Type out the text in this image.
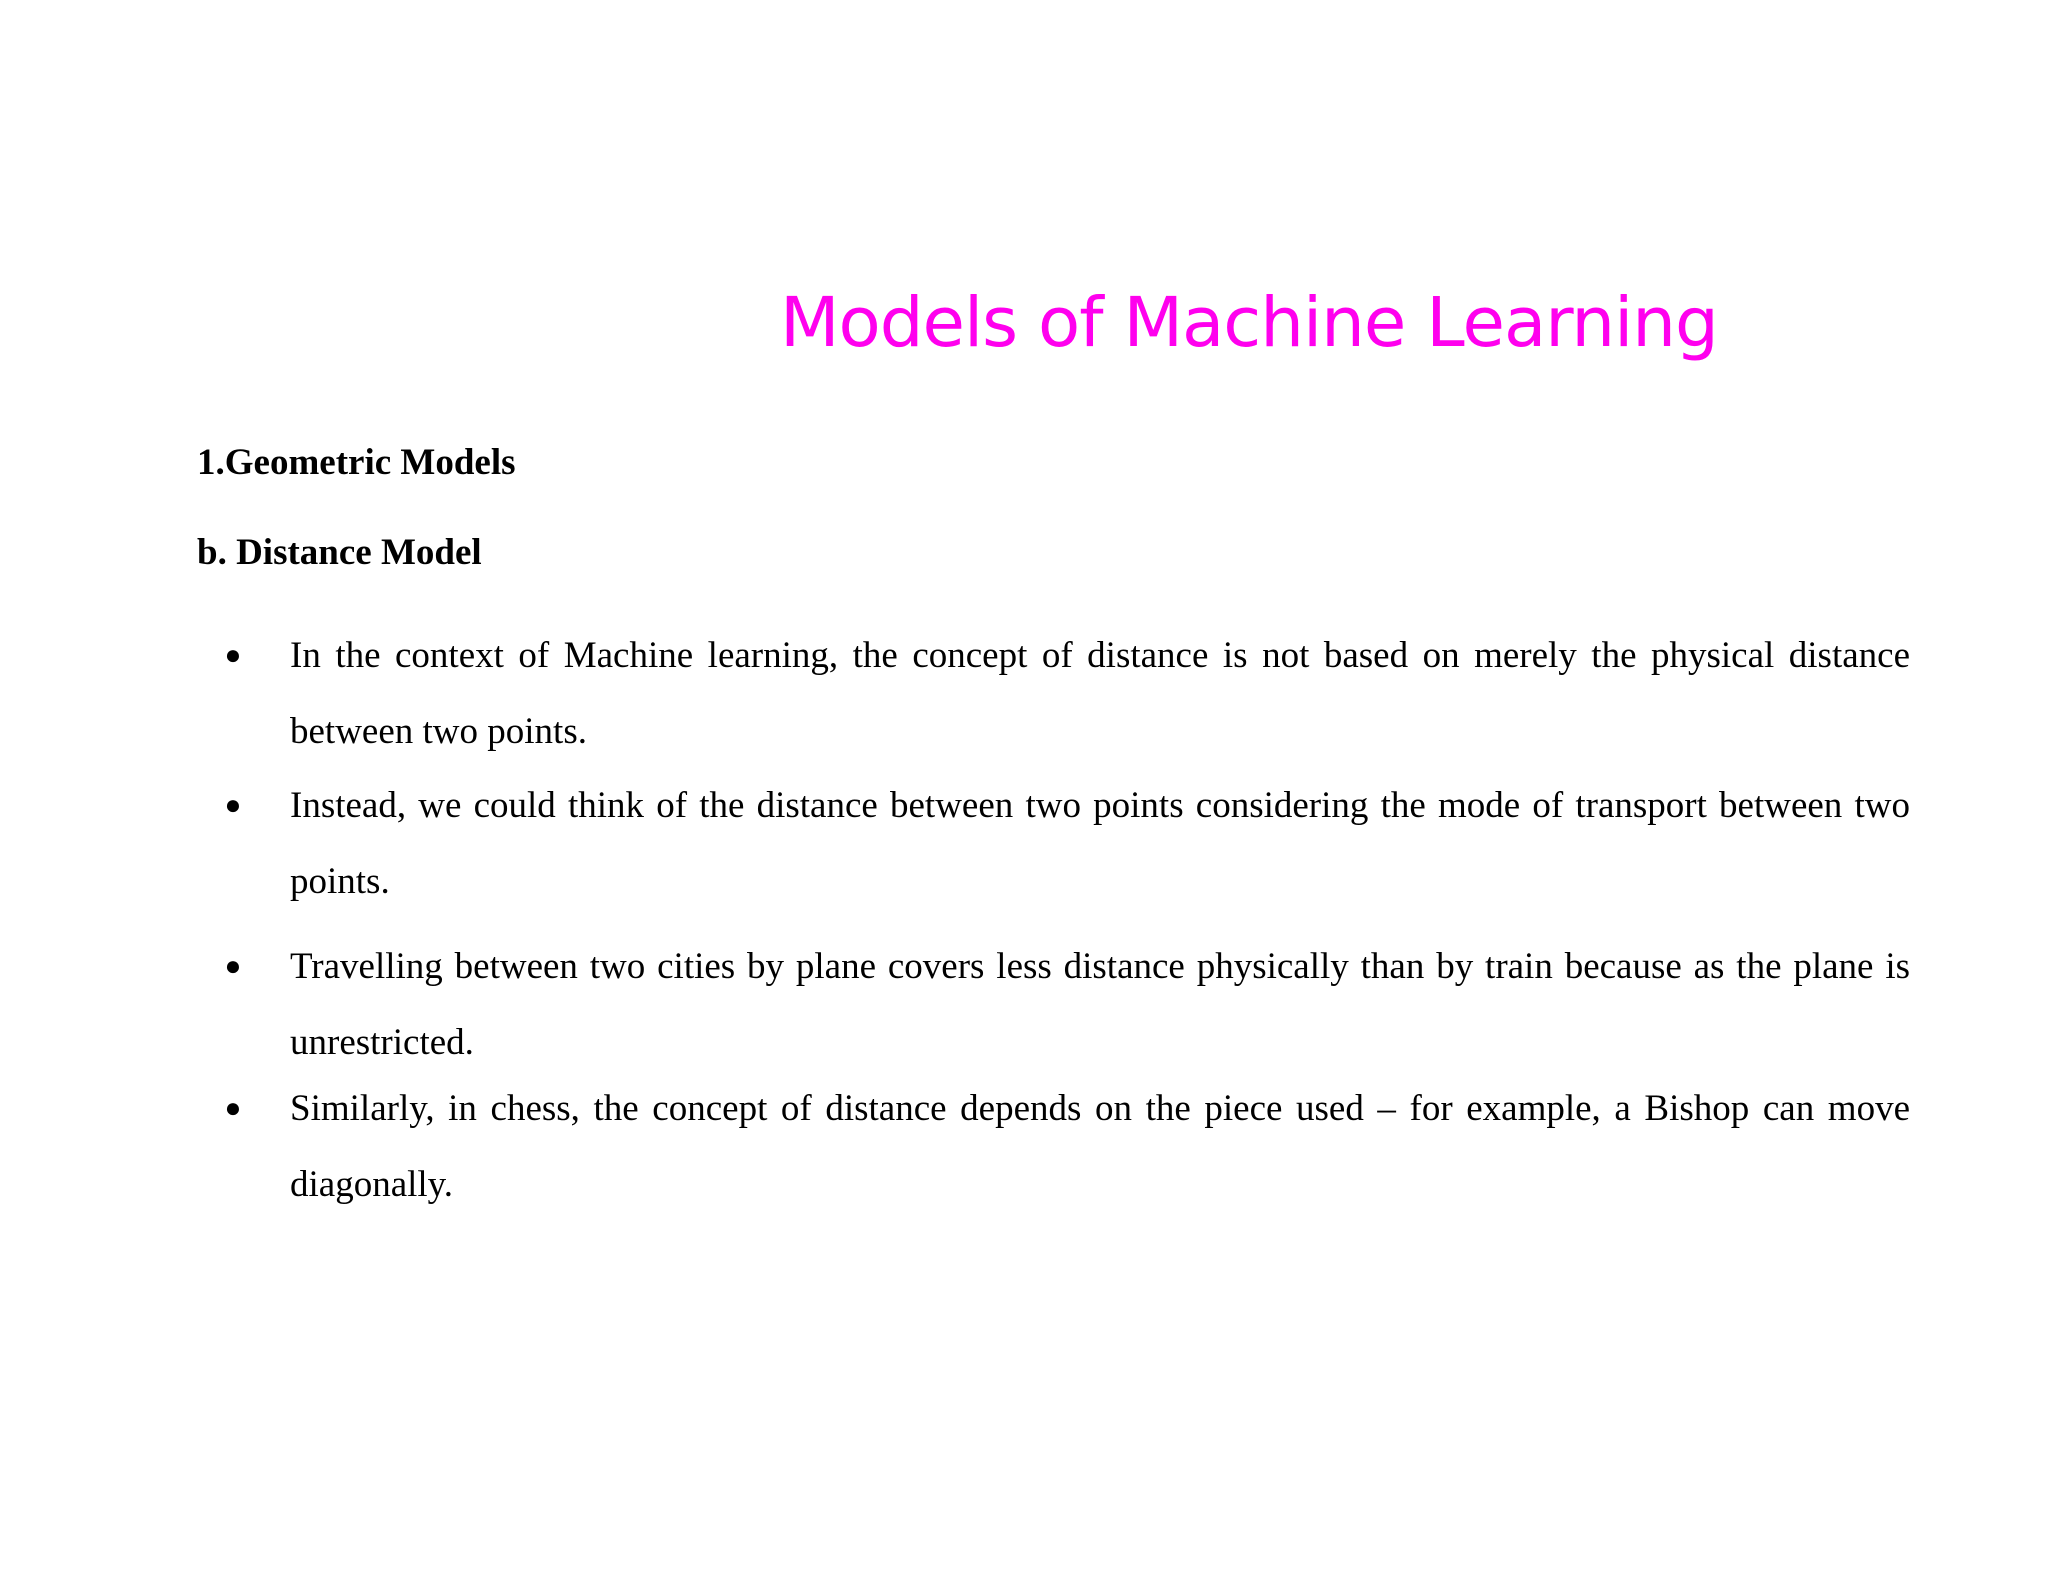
Models of Machine Learning
1.Geometric Models
b. Distance Model
● In the context of Machine learning, the concept of distance is not based on merely the physical distance between two points.

● Instead, we could think of the distance between two points considering the mode of transport between two points.

● Travelling between two cities by plane covers less distance physically than by train because as the plane is unrestricted.

● Similarly, in chess, the concept of distance depends on the piece used – for example, a Bishop can move diagonally.
